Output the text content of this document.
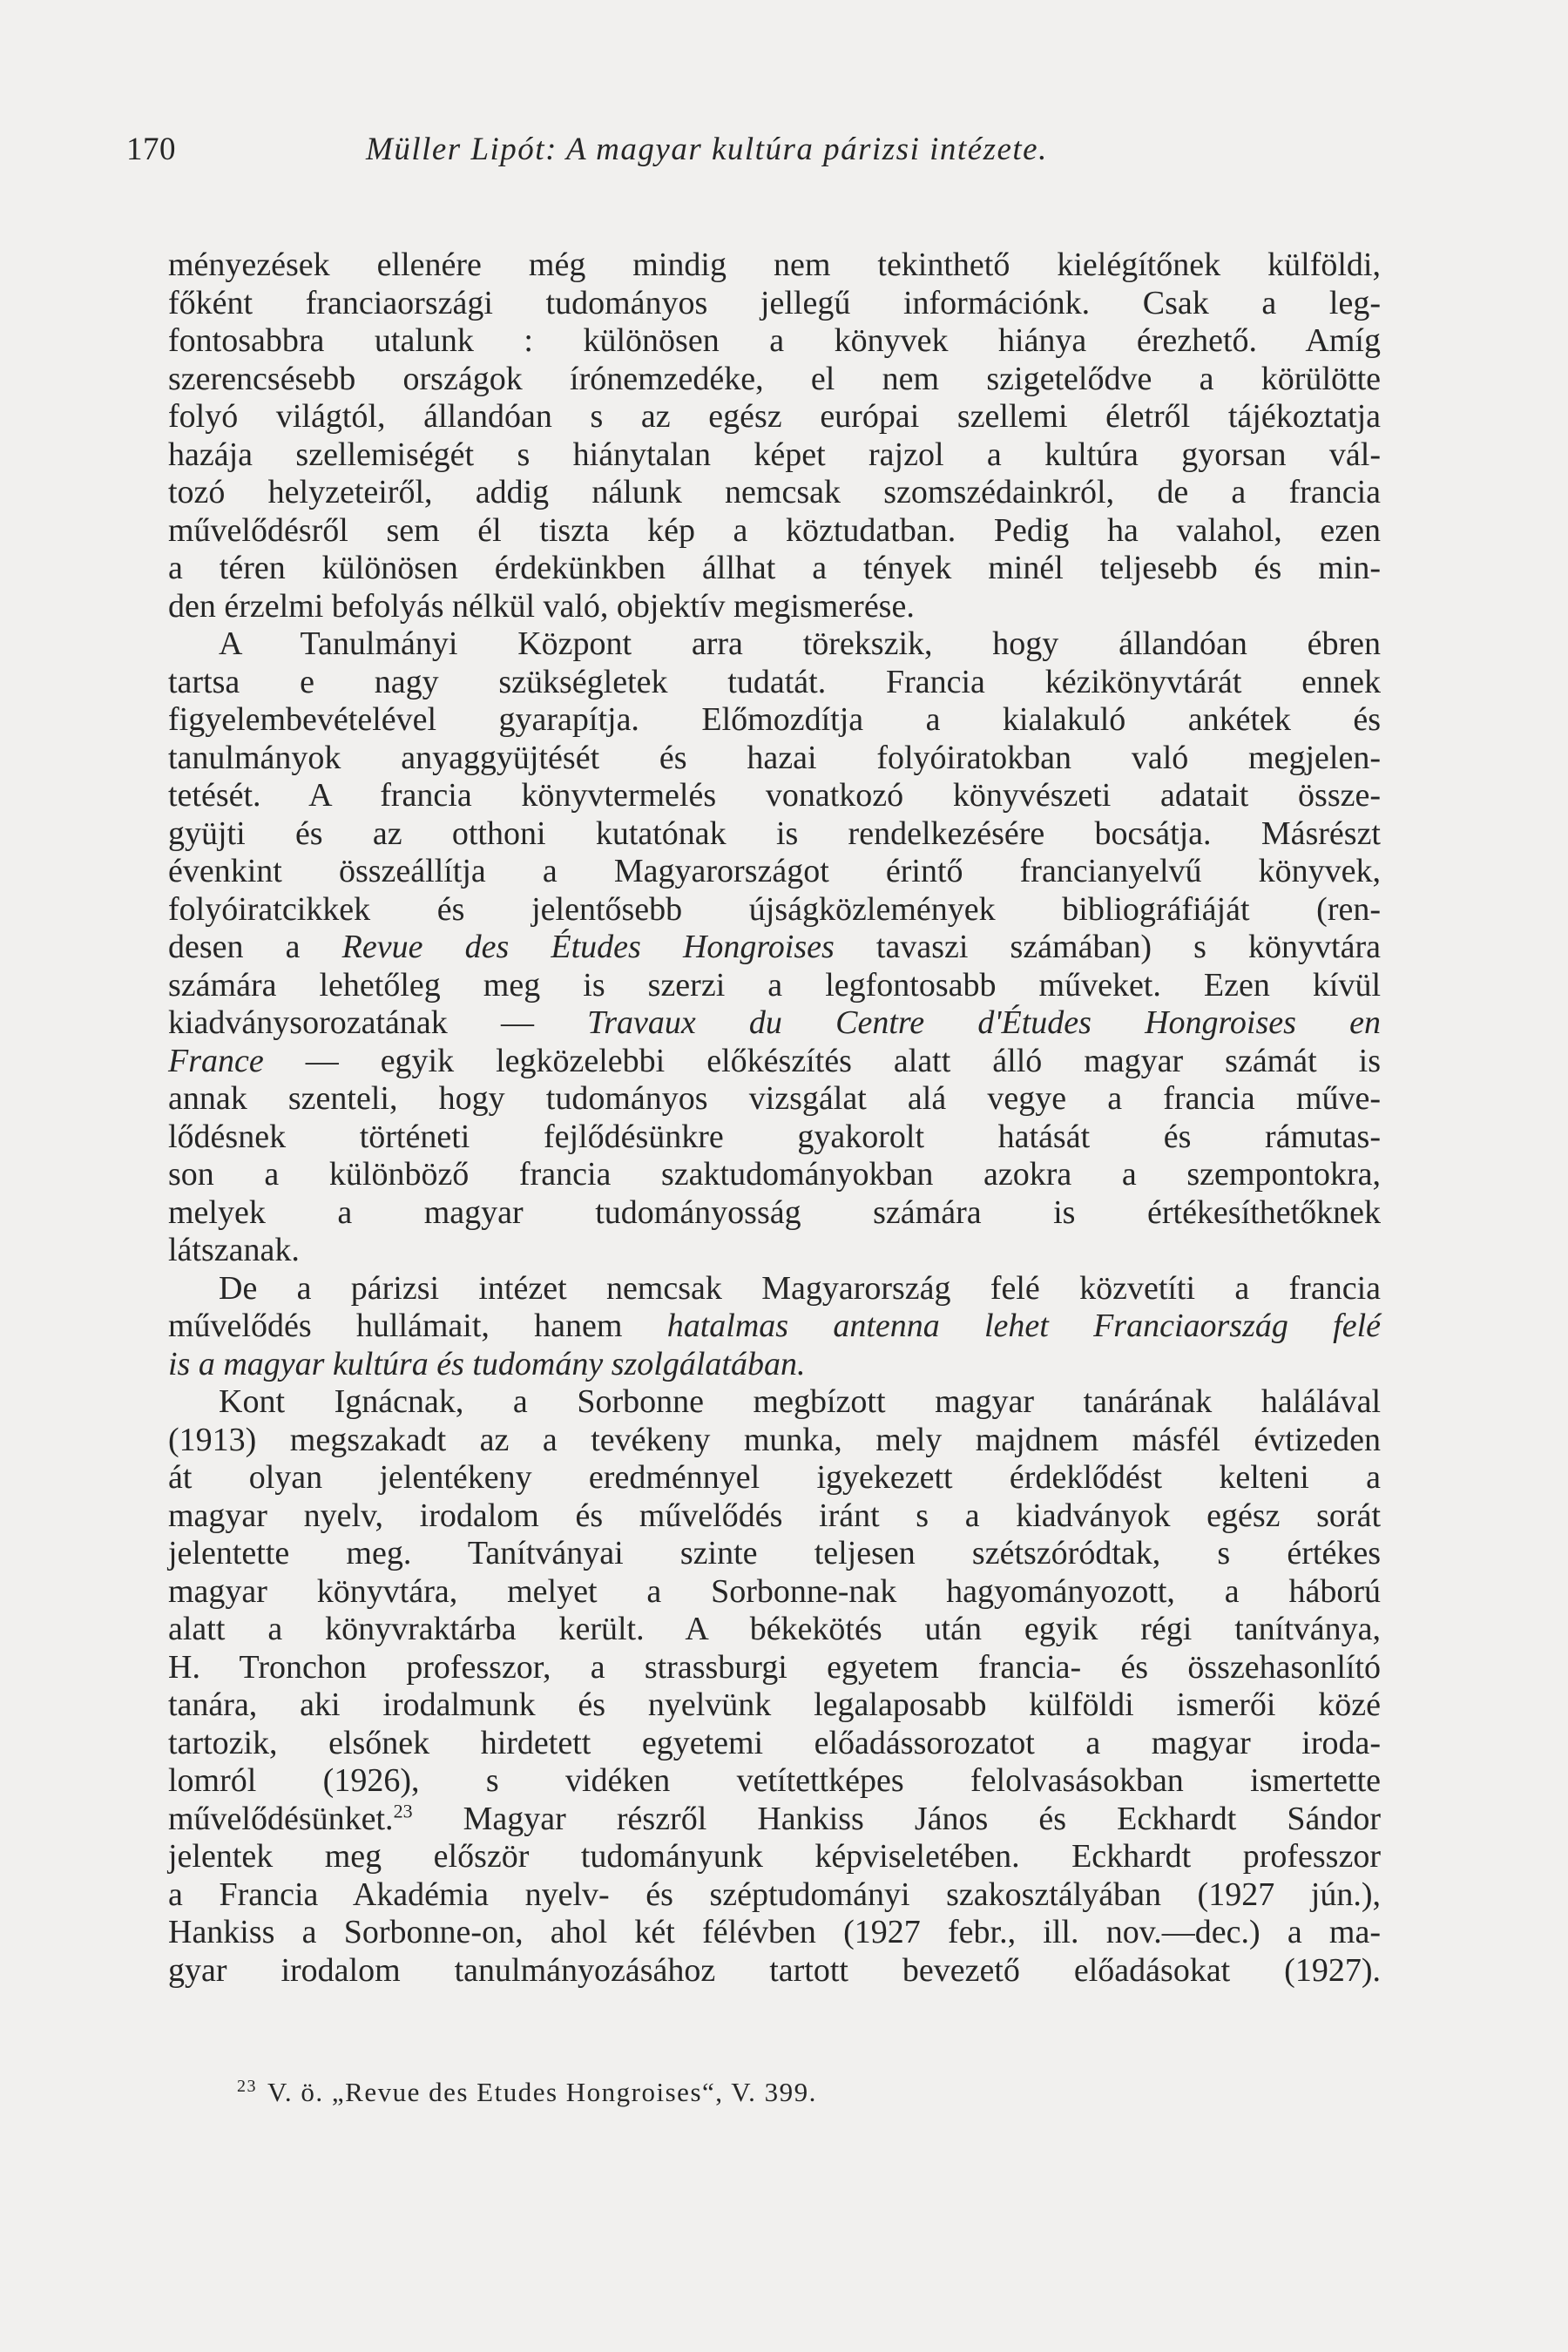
170	Müller Lipót: A magyar kultúra párizsi intézete.
ményezések ellenére még mindig nem tekinthető kielégítőnek külföldi,
főként franciaországi tudományos jellegű információnk. Csak a leg-
fontosabbra utalunk : különösen a könyvek hiánya érezhető. Amíg
szerencsésebb országok írónemzedéke, el nem szigetelődve a körülötte
folyó világtól, állandóan s az egész európai szellemi életről tájékoztatja
hazája szellemiségét s hiánytalan képet rajzol a kultúra gyorsan vál-
tozó helyzeteiről, addig nálunk nemcsak szomszédainkról, de a francia
művelődésről sem él tiszta kép a köztudatban. Pedig ha valahol, ezen
a téren különösen érdekünkben állhat a tények minél teljesebb és min-
den érzelmi befolyás nélkül való, objektív megismerése.
A Tanulmányi Központ arra törekszik, hogy állandóan ébren
tartsa e nagy szükségletek tudatát. Francia kézikönyvtárát ennek
figyelembevételével gyarapítja. Előmozdítja a kialakuló ankétek és
tanulmányok anyaggyüjtését és hazai folyóiratokban való megjelen-
tetését. A francia könyvtermelés vonatkozó könyvészeti adatait össze-
gyüjti és az otthoni kutatónak is rendelkezésére bocsátja. Másrészt
évenkint összeállítja a Magyarországot érintő francianyelvű könyvek,
folyóiratcikkek és jelentősebb újságközlemények bibliográfiáját (ren-
desen a Revue des Études Hongroises tavaszi számában) s könyvtára
számára lehetőleg meg is szerzi a legfontosabb műveket. Ezen kívül
kiadványsorozatának — Travaux du Centre d'Études Hongroises en
France — egyik legközelebbi előkészítés alatt álló magyar számát is
annak szenteli, hogy tudományos vizsgálat alá vegye a francia műve-
lődésnek történeti fejlődésünkre gyakorolt hatását és rámutas-
son a különböző francia szaktudományokban azokra a szempontokra,
melyek a magyar tudományosság számára is értékesíthetőknek
látszanak.
De a párizsi intézet nemcsak Magyarország felé közvetíti a francia
művelődés hullámait, hanem hatalmas antenna lehet Franciaország felé
is a magyar kultúra és tudomány szolgálatában.
Kont Ignácnak, a Sorbonne megbízott magyar tanárának halálával
(1913) megszakadt az a tevékeny munka, mely majdnem másfél évtizeden
át olyan jelentékeny eredménnyel igyekezett érdeklődést kelteni a
magyar nyelv, irodalom és művelődés iránt s a kiadványok egész sorát
jelentette meg. Tanítványai szinte teljesen szétszóródtak, s értékes
magyar könyvtára, melyet a Sorbonne-nak hagyományozott, a háború
alatt a könyvraktárba került. A békekötés után egyik régi tanítványa,
H. Tronchon professzor, a strassburgi egyetem francia- és összehasonlító
tanára, aki irodalmunk és nyelvünk legalaposabb külföldi ismerői közé
tartozik, elsőnek hirdetett egyetemi előadássorozatot a magyar iroda-
lomról (1926), s vidéken vetítettképes felolvasásokban ismertette
művelődésünket.$^{23}$ Magyar részről Hankiss János és Eckhardt Sándor
jelentek meg először tudományunk képviseletében. Eckhardt professzor
a Francia Akadémia nyelv- és széptudományi szakosztályában (1927 jún.),
Hankiss a Sorbonne-on, ahol két félévben (1927 febr., ill. nov.—dec.) a ma-
gyar irodalom tanulmányozásához tartott bevezető előadásokat (1927).
$^{23}$ V. ö. „Revue des Etudes Hongroises“, V. 399.
